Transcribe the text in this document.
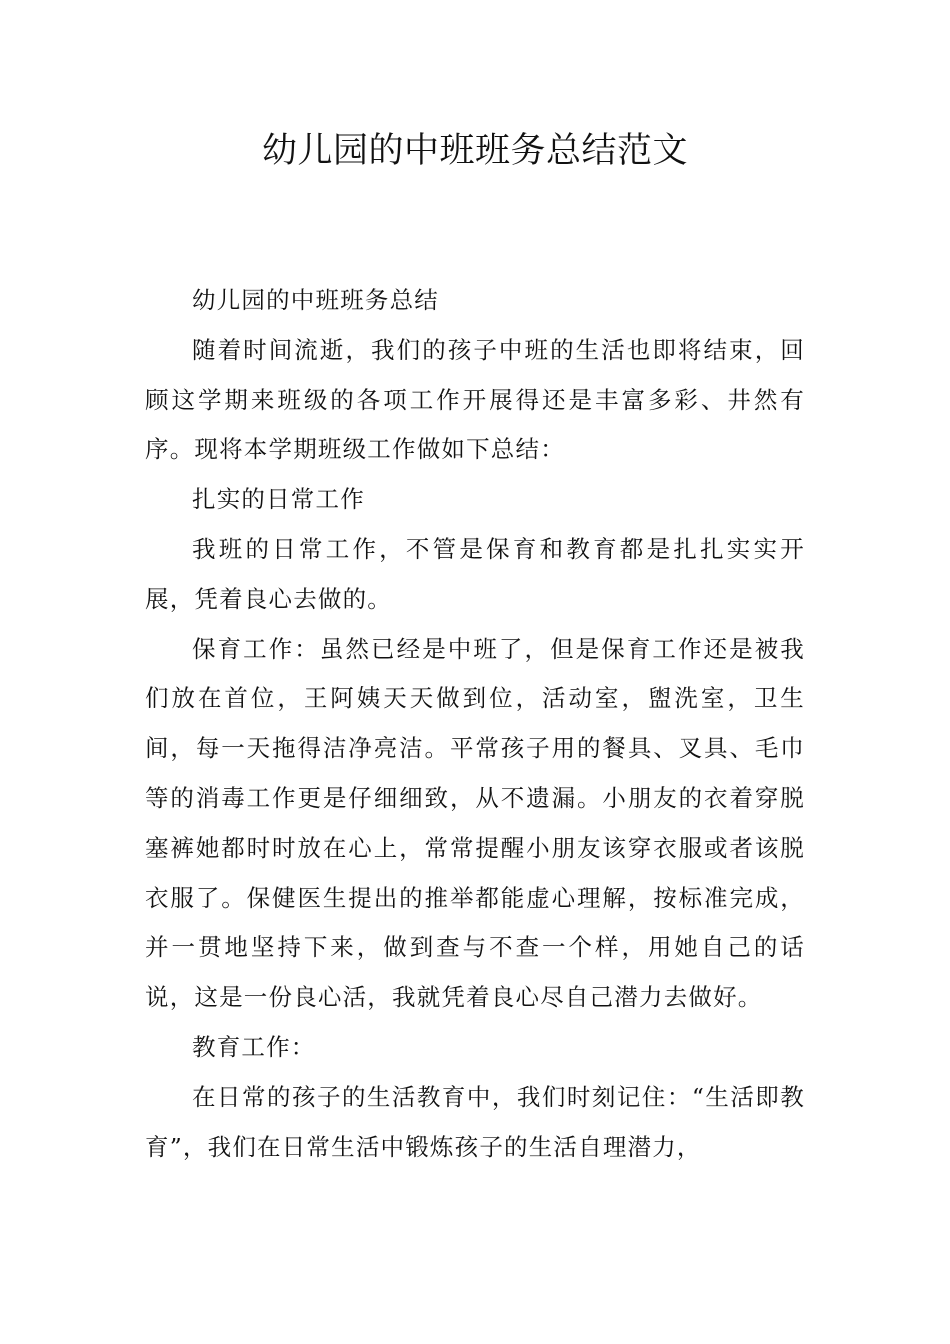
幼儿园的中班班务总结范文

幼儿园的中班班务总结

随着时间流逝，我们的孩子中班的生活也即将结束，回顾这学期来班级的各项工作开展得还是丰富多彩、井然有序。现将本学期班级工作做如下总结：

扎实的日常工作

我班的日常工作，不管是保育和教育都是扎扎实实开展，凭着良心去做的。

保育工作：虽然已经是中班了，但是保育工作还是被我们放在首位，王阿姨天天做到位，活动室，盥洗室，卫生间，每一天拖得洁净亮洁。平常孩子用的餐具、叉具、毛巾等的消毒工作更是仔细细致，从不遗漏。小朋友的衣着穿脱塞裤她都时时放在心上，常常提醒小朋友该穿衣服或者该脱衣服了。保健医生提出的推举都能虚心理解，按标准完成，并一贯地坚持下来，做到查与不查一个样，用她自己的话说，这是一份良心活，我就凭着良心尽自己潜力去做好。

教育工作：

在日常的孩子的生活教育中，我们时刻记住：“生活即教育”，我们在日常生活中锻炼孩子的生活自理潜力，
